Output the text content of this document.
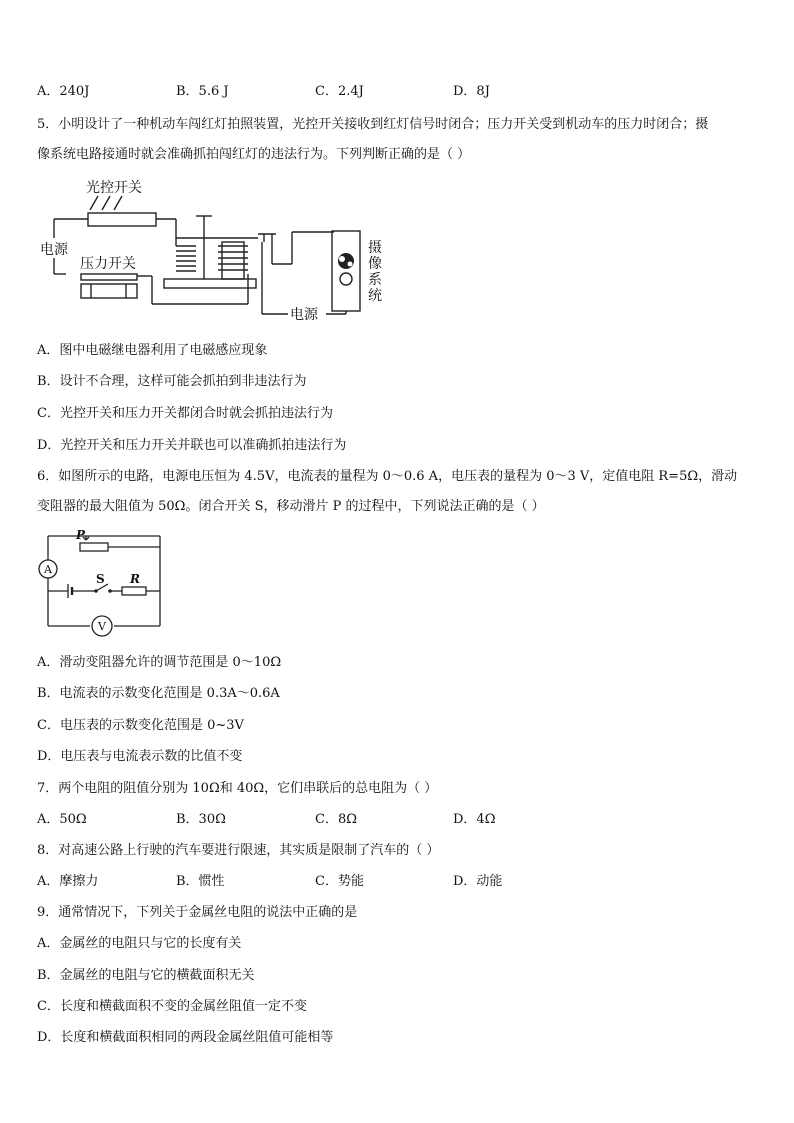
A．240J	B．5.6 J	C．2.4J	D．8J
5．小明设计了一种机动车闯红灯拍照装置，光控开关接收到红灯信号时闭合；压力开关受到机动车的压力时闭合；摄
像系统电路接通时就会准确抓拍闯红灯的违法行为。下列判断正确的是（ ）
光控开关
电源
压力开关
电源
摄
像
系
统
A．图中电磁继电器利用了电磁感应现象
B．设计不合理，这样可能会抓拍到非违法行为
C．光控开关和压力开关都闭合时就会抓拍违法行为
D．光控开关和压力开关并联也可以准确抓拍违法行为
6．如图所示的电路，电源电压恒为 4.5V，电流表的量程为 0～0.6 A，电压表的量程为 0～3 V，定值电阻 R=5Ω，滑动
变阻器的最大阻值为 50Ω。闭合开关 S，移动滑片 P 的过程中，下列说法正确的是（ ）
P
A
S R
V
A．滑动变阻器允许的调节范围是 0～10Ω
B．电流表的示数变化范围是 0.3A～0.6A
C．电压表的示数变化范围是 0~3V
D．电压表与电流表示数的比值不变
7．两个电阻的阻值分别为 10Ω和 40Ω，它们串联后的总电阻为（ ）
A．50Ω	B．30Ω	C．8Ω	D．4Ω
8．对高速公路上行驶的汽车要进行限速，其实质是限制了汽车的（ ）
A．摩擦力	B．惯性	C．势能	D．动能
9．通常情况下，下列关于金属丝电阻的说法中正确的是
A．金属丝的电阻只与它的长度有关
B．金属丝的电阻与它的横截面积无关
C．长度和横截面积不变的金属丝阻值一定不变
D．长度和横截面积相同的两段金属丝阻值可能相等
